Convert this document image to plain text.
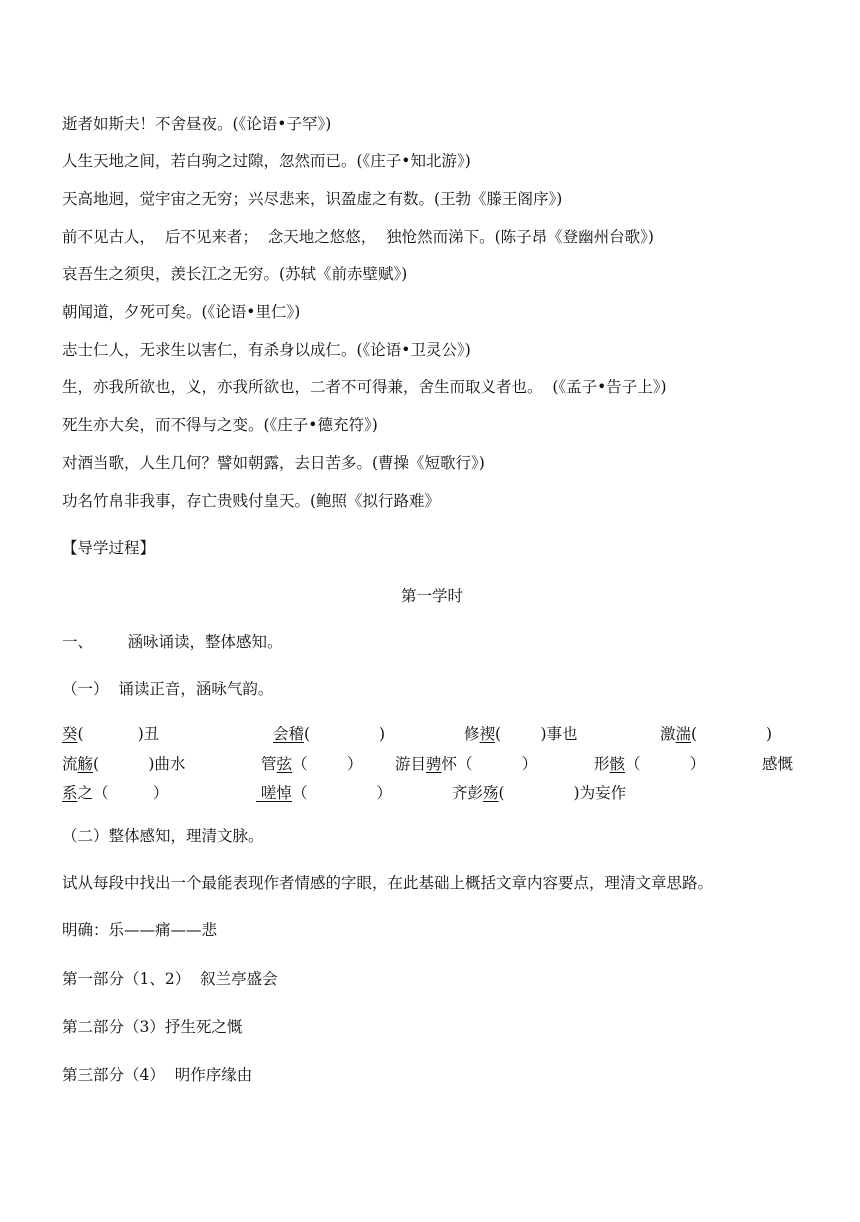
逝者如斯夫！不舍昼夜。(《论语•子罕》)
人生天地之间，若白驹之过隙，忽然而已。(《庄子•知北游》)
天高地迥，觉宇宙之无穷；兴尽悲来，识盈虚之有数。(王勃《滕王阁序》)
前不见古人，  后不见来者；  念天地之悠悠，  独怆然而涕下。(陈子昂《登幽州台歌》)
哀吾生之须臾，羡长江之无穷。(苏轼《前赤壁赋》)
朝闻道，夕死可矣。(《论语•里仁》)
志士仁人，无求生以害仁，有杀身以成仁。(《论语•卫灵公》)
生，亦我所欲也，义，亦我所欲也，二者不可得兼，舍生而取义者也。  (《孟子•告子上》)
死生亦大矣，而不得与之变。(《庄子•德充符》)
对酒当歌，人生几何？譬如朝露，去日苦多。(曹操《短歌行》)
功名竹帛非我事，存亡贵贱付皇天。(鲍照《拟行路难》
【导学过程】
第一学时
一、       涵咏诵读，整体感知。
（一）  诵读正音，涵咏气韵。
癸(           )丑	会稽(              )	修禊(        )事也	激湍(              )
流觞(          )曲水	管弦（        ） 游目骋怀（          ）	形骸（          ）	感慨
系之（         ）	嗟悼（              ）	齐彭殇(              )为妄作
（二）整体感知，理清文脉。
试从每段中找出一个最能表现作者情感的字眼，在此基础上概括文章内容要点，理清文章思路。
明确：乐——痛——悲
第一部分（1、2）  叙兰亭盛会
第二部分（3）抒生死之慨
第三部分（4）  明作序缘由
